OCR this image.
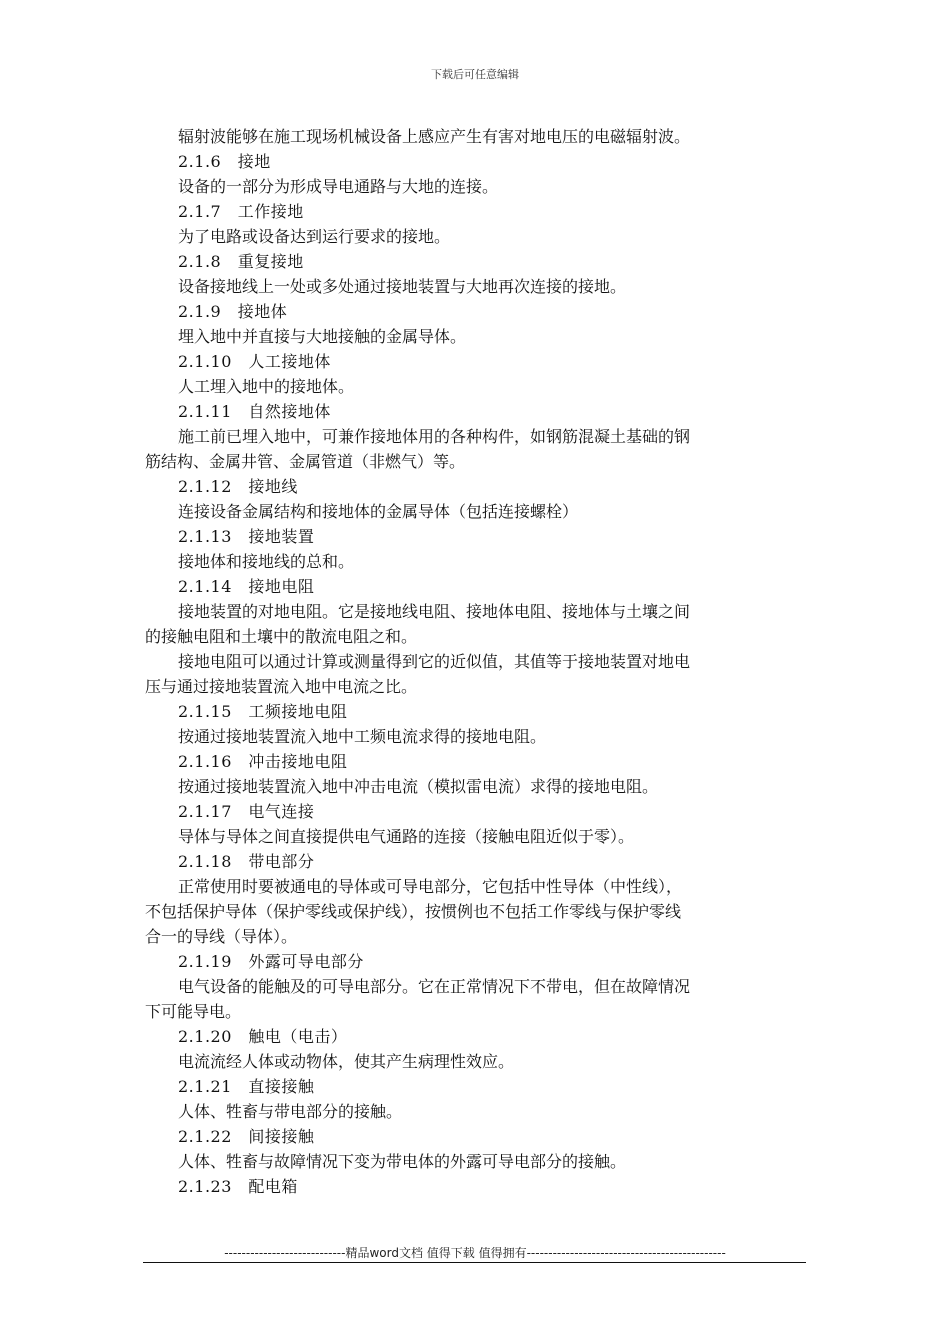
下载后可任意编辑
辐射波能够在施工现场机械设备上感应产生有害对地电压的电磁辐射波。
2.1.6　接地
设备的一部分为形成导电通路与大地的连接。
2.1.7　工作接地
为了电路或设备达到运行要求的接地。
2.1.8　重复接地
设备接地线上一处或多处通过接地装置与大地再次连接的接地。
2.1.9　接地体
埋入地中并直接与大地接触的金属导体。
2.1.10　人工接地体
人工埋入地中的接地体。
2.1.11　自然接地体
施工前已埋入地中，可兼作接地体用的各种构件，如钢筋混凝土基础的钢
筋结构、金属井管、金属管道（非燃气）等。
2.1.12　接地线
连接设备金属结构和接地体的金属导体（包括连接螺栓）
2.1.13　接地装置
接地体和接地线的总和。
2.1.14　接地电阻
接地装置的对地电阻。它是接地线电阻、接地体电阻、接地体与土壤之间
的接触电阻和土壤中的散流电阻之和。
接地电阻可以通过计算或测量得到它的近似值，其值等于接地装置对地电
压与通过接地装置流入地中电流之比。
2.1.15　工频接地电阻
按通过接地装置流入地中工频电流求得的接地电阻。
2.1.16　冲击接地电阻
按通过接地装置流入地中冲击电流（模拟雷电流）求得的接地电阻。
2.1.17　电气连接
导体与导体之间直接提供电气通路的连接（接触电阻近似于零）。
2.1.18　带电部分
正常使用时要被通电的导体或可导电部分，它包括中性导体（中性线），
不包括保护导体（保护零线或保护线），按惯例也不包括工作零线与保护零线
合一的导线（导体）。
2.1.19　外露可导电部分
电气设备的能触及的可导电部分。它在正常情况下不带电，但在故障情况
下可能导电。
2.1.20　触电（电击）
电流流经人体或动物体，使其产生病理性效应。
2.1.21　直接接触
人体、牲畜与带电部分的接触。
2.1.22　间接接触
人体、牲畜与故障情况下变为带电体的外露可导电部分的接触。
2.1.23　配电箱
----------------------------精品word文档 值得下载 值得拥有----------------------------------------------
